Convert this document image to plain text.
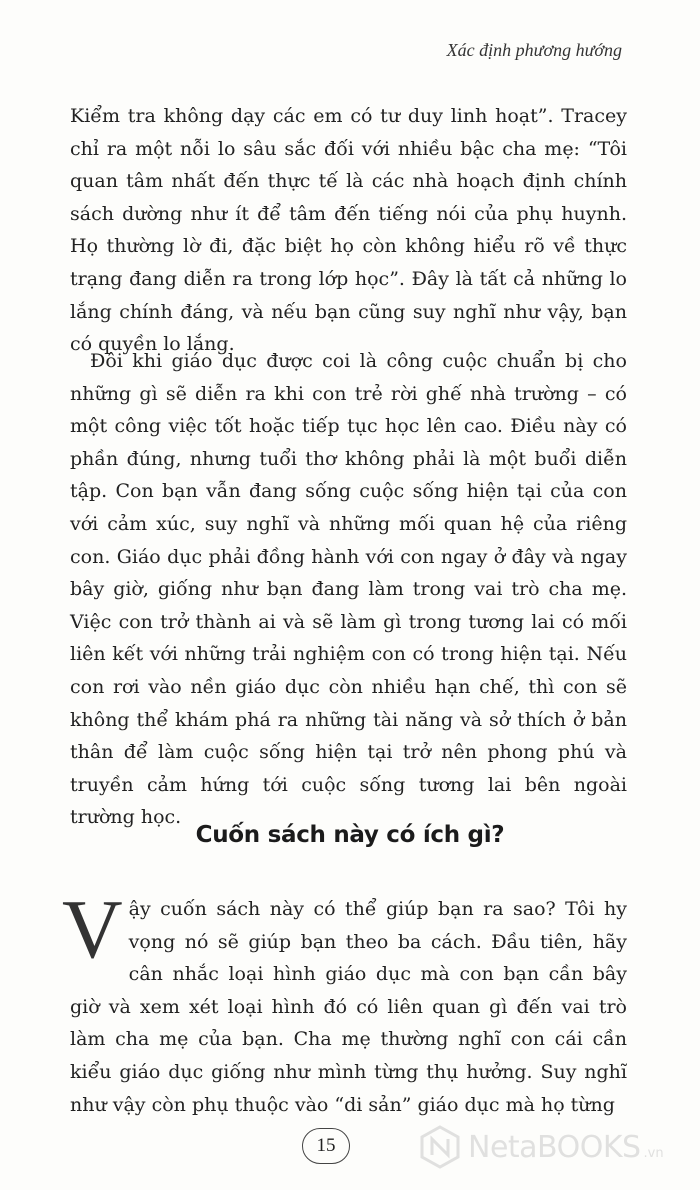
Xác định phương hướng

Kiểm tra không dạy các em có tư duy linh hoạt”. Tracey chỉ ra một nỗi lo sâu sắc đối với nhiều bậc cha mẹ: “Tôi quan tâm nhất đến thực tế là các nhà hoạch định chính sách dường như ít để tâm đến tiếng nói của phụ huynh. Họ thường lờ đi, đặc biệt họ còn không hiểu rõ về thực trạng đang diễn ra trong lớp học”. Đây là tất cả những lo lắng chính đáng, và nếu bạn cũng suy nghĩ như vậy, bạn có quyền lo lắng.

Đôi khi giáo dục được coi là công cuộc chuẩn bị cho những gì sẽ diễn ra khi con trẻ rời ghế nhà trường – có một công việc tốt hoặc tiếp tục học lên cao. Điều này có phần đúng, nhưng tuổi thơ không phải là một buổi diễn tập. Con bạn vẫn đang sống cuộc sống hiện tại của con với cảm xúc, suy nghĩ và những mối quan hệ của riêng con. Giáo dục phải đồng hành với con ngay ở đây và ngay bây giờ, giống như bạn đang làm trong vai trò cha mẹ. Việc con trở thành ai và sẽ làm gì trong tương lai có mối liên kết với những trải nghiệm con có trong hiện tại. Nếu con rơi vào nền giáo dục còn nhiều hạn chế, thì con sẽ không thể khám phá ra những tài năng và sở thích ở bản thân để làm cuộc sống hiện tại trở nên phong phú và truyền cảm hứng tới cuộc sống tương lai bên ngoài trường học.

Cuốn sách này có ích gì?

Vậy cuốn sách này có thể giúp bạn ra sao? Tôi hy vọng nó sẽ giúp bạn theo ba cách. Đầu tiên, hãy cân nhắc loại hình giáo dục mà con bạn cần bây giờ và xem xét loại hình đó có liên quan gì đến vai trò làm cha mẹ của bạn. Cha mẹ thường nghĩ con cái cần kiểu giáo dục giống như mình từng thụ hưởng. Suy nghĩ như vậy còn phụ thuộc vào “di sản” giáo dục mà họ từng

15	NetaBOOKS .vn
